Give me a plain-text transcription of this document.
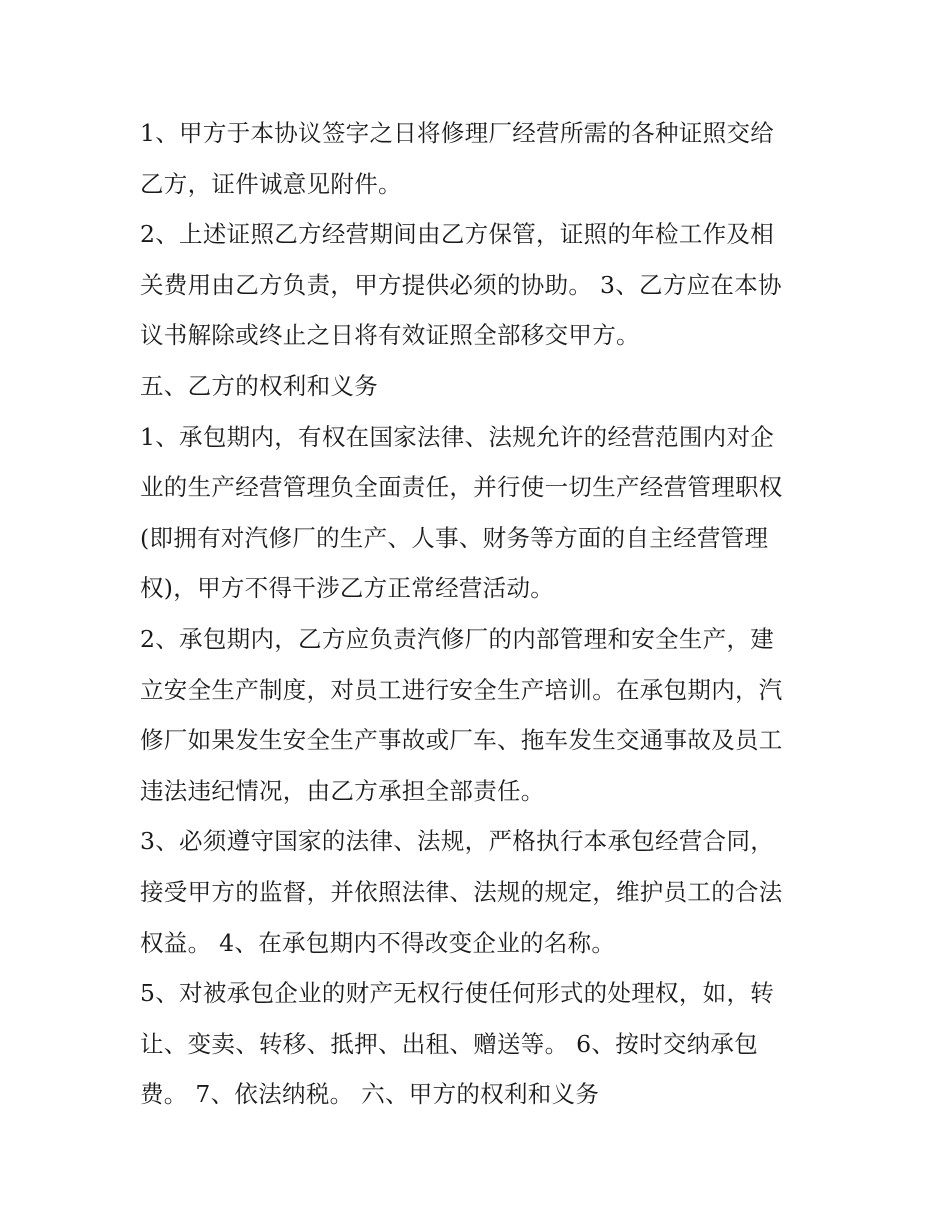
1、甲方于本协议签字之日将修理厂经营所需的各种证照交给
乙方，证件诚意见附件。
2、上述证照乙方经营期间由乙方保管，证照的年检工作及相
关费用由乙方负责，甲方提供必须的协助。 3、乙方应在本协
议书解除或终止之日将有效证照全部移交甲方。
五、乙方的权利和义务
1、承包期内，有权在国家法律、法规允许的经营范围内对企
业的生产经营管理负全面责任，并行使一切生产经营管理职权
(即拥有对汽修厂的生产、人事、财务等方面的自主经营管理
权)，甲方不得干涉乙方正常经营活动。
2、承包期内，乙方应负责汽修厂的内部管理和安全生产，建
立安全生产制度，对员工进行安全生产培训。在承包期内，汽
修厂如果发生安全生产事故或厂车、拖车发生交通事故及员工
违法违纪情况，由乙方承担全部责任。
3、必须遵守国家的法律、法规，严格执行本承包经营合同，
接受甲方的监督，并依照法律、法规的规定，维护员工的合法
权益。 4、在承包期内不得改变企业的名称。
5、对被承包企业的财产无权行使任何形式的处理权，如，转
让、变卖、转移、抵押、出租、赠送等。 6、按时交纳承包
费。 7、依法纳税。 六、甲方的权利和义务
